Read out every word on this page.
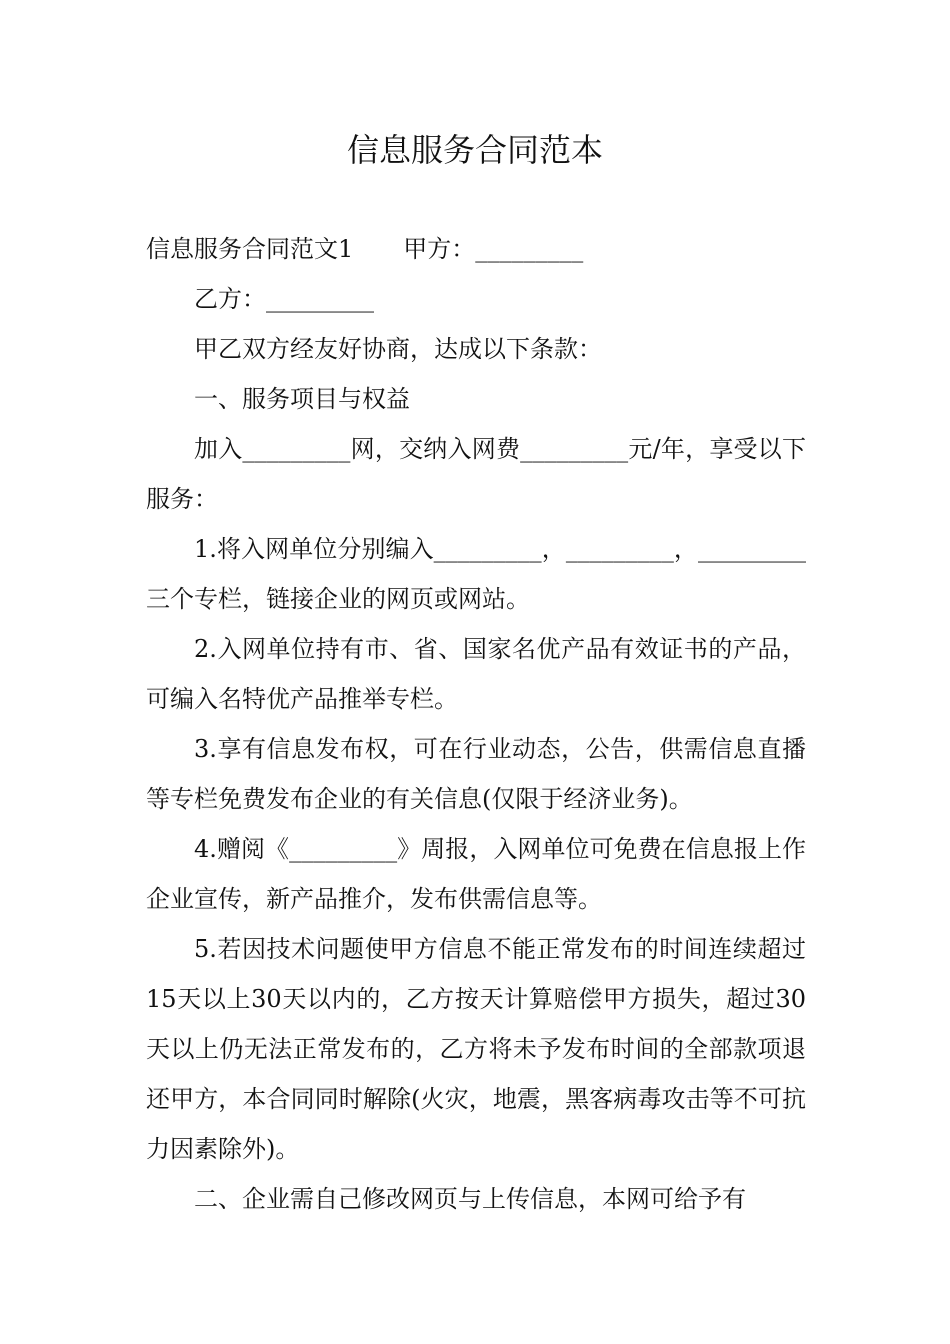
信息服务合同范本

信息服务合同范文1 甲方：_________

乙方：_________

甲乙双方经友好协商，达成以下条款：

一、服务项目与权益

加入_________网，交纳入网费_________元/年，享受以下服务：

1.将入网单位分别编入_________，_________，_________三个专栏，链接企业的网页或网站。

2.入网单位持有市、省、国家名优产品有效证书的产品，可编入名特优产品推举专栏。

3.享有信息发布权，可在行业动态，公告，供需信息直播等专栏免费发布企业的有关信息(仅限于经济业务)。

4.赠阅《_________》周报，入网单位可免费在信息报上作企业宣传，新产品推介，发布供需信息等。

5.若因技术问题使甲方信息不能正常发布的时间连续超过15天以上30天以内的，乙方按天计算赔偿甲方损失，超过30天以上仍无法正常发布的，乙方将未予发布时间的全部款项退还甲方，本合同同时解除(火灾，地震，黑客病毒攻击等不可抗力因素除外)。

二、企业需自己修改网页与上传信息，本网可给予有
